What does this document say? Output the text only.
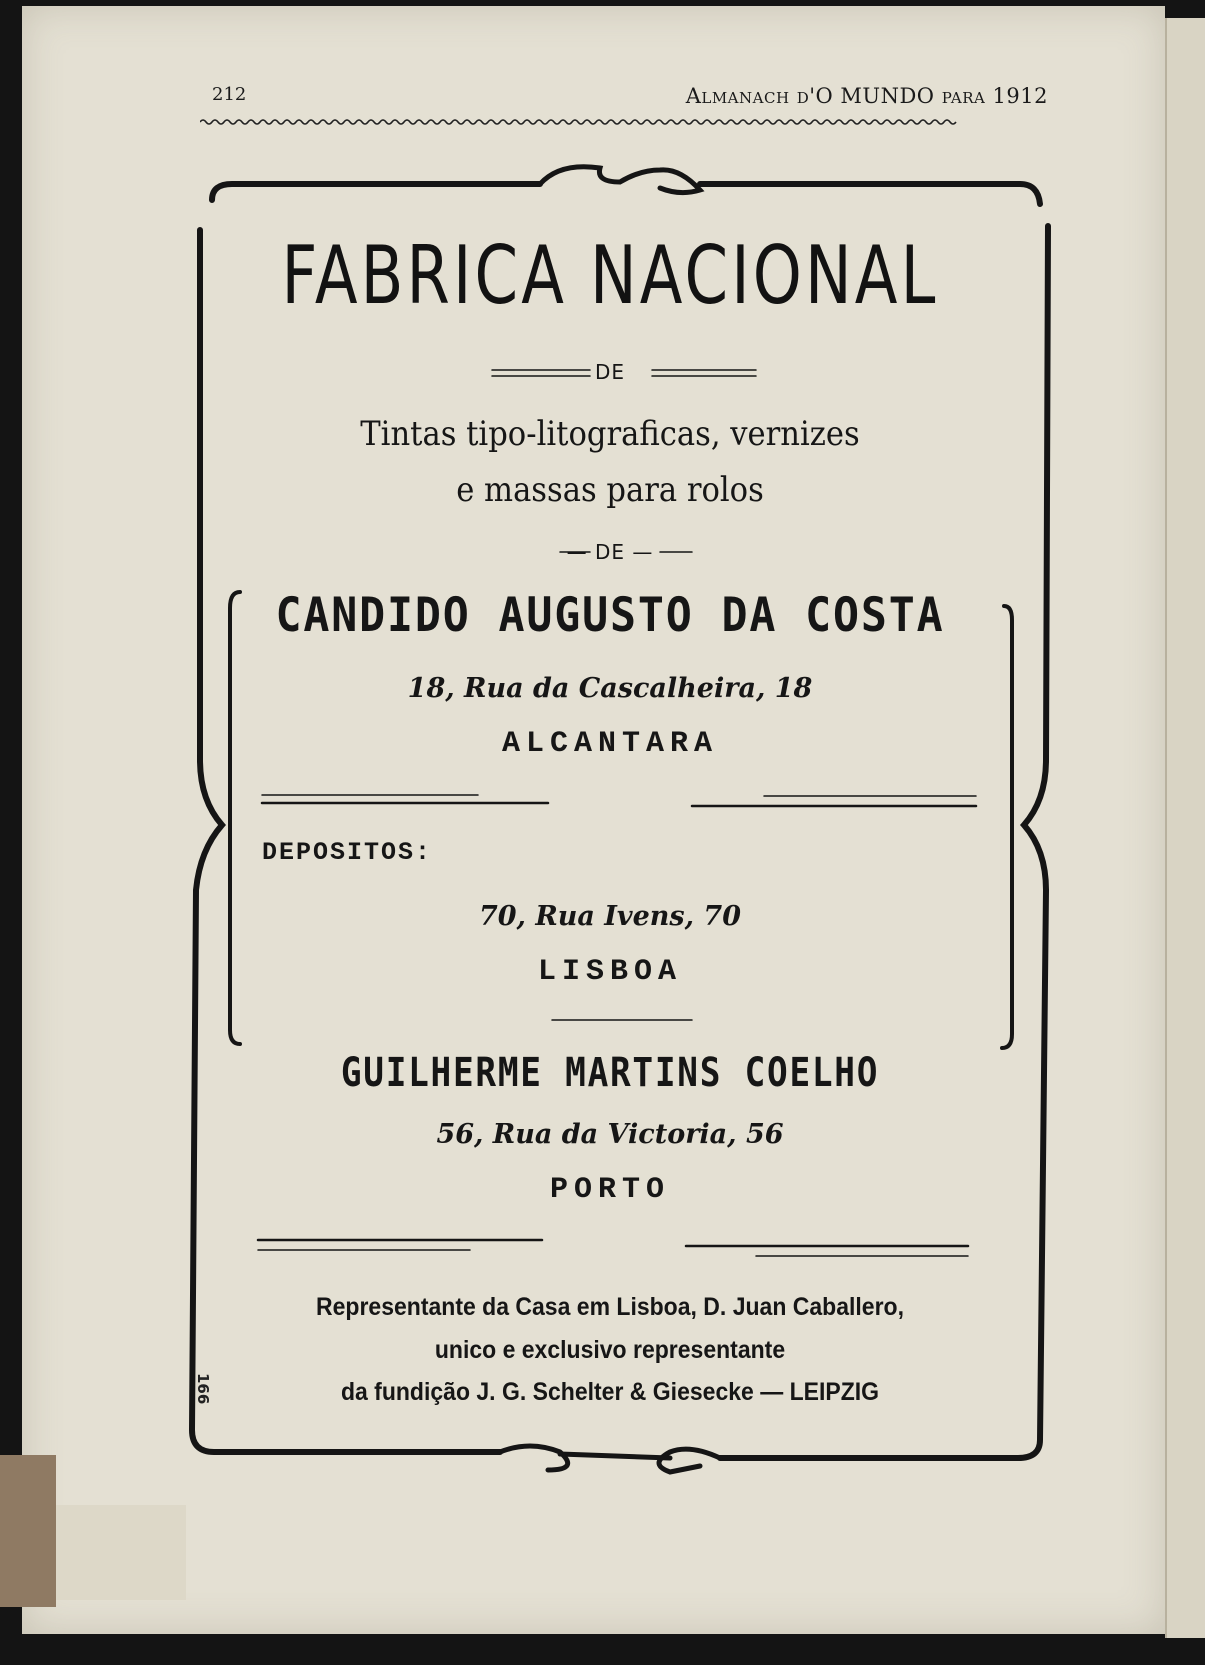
212	Almanach d'O MUNDO para 1912
FABRICA NACIONAL
DE
Tintas tipo-litograficas, vernizes
e massas para rolos
— DE —
CANDIDO AUGUSTO DA COSTA
18, Rua da Cascalheira, 18
ALCANTARA
DEPOSITOS:
70, Rua Ivens, 70
LISBOA
GUILHERME MARTINS COELHO
56, Rua da Victoria, 56
PORTO
Representante da Casa em Lisboa, D. Juan Caballero,
unico e exclusivo representante
da fundição J. G. Schelter & Giesecke — LEIPZIG
166
